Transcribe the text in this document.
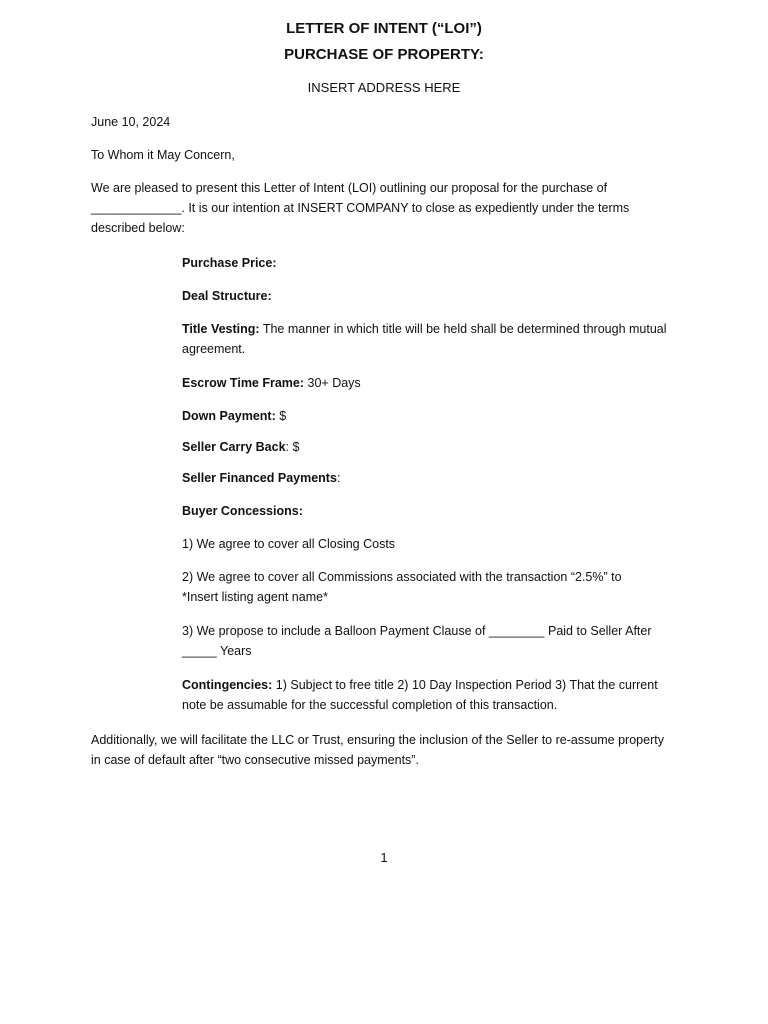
LETTER OF INTENT (“LOI”)
PURCHASE OF PROPERTY:
INSERT ADDRESS HERE
June 10, 2024
To Whom it May Concern,
We are pleased to present this Letter of Intent (LOI) outlining our proposal for the purchase of
_____________. It is our intention at INSERT COMPANY to close as expediently under the terms
described below:
Purchase Price:
Deal Structure:
Title Vesting: The manner in which title will be held shall be determined through mutual
agreement.
Escrow Time Frame: 30+ Days
Down Payment: $
Seller Carry Back: $
Seller Financed Payments:
Buyer Concessions:
1) We agree to cover all Closing Costs
2) We agree to cover all Commissions associated with the transaction “2.5%” to
*Insert listing agent name*
3) We propose to include a Balloon Payment Clause of ________ Paid to Seller After
_____ Years
Contingencies: 1) Subject to free title 2) 10 Day Inspection Period 3) That the current
note be assumable for the successful completion of this transaction.
Additionally, we will facilitate the LLC or Trust, ensuring the inclusion of the Seller to re-assume property
in case of default after “two consecutive missed payments”.
1
